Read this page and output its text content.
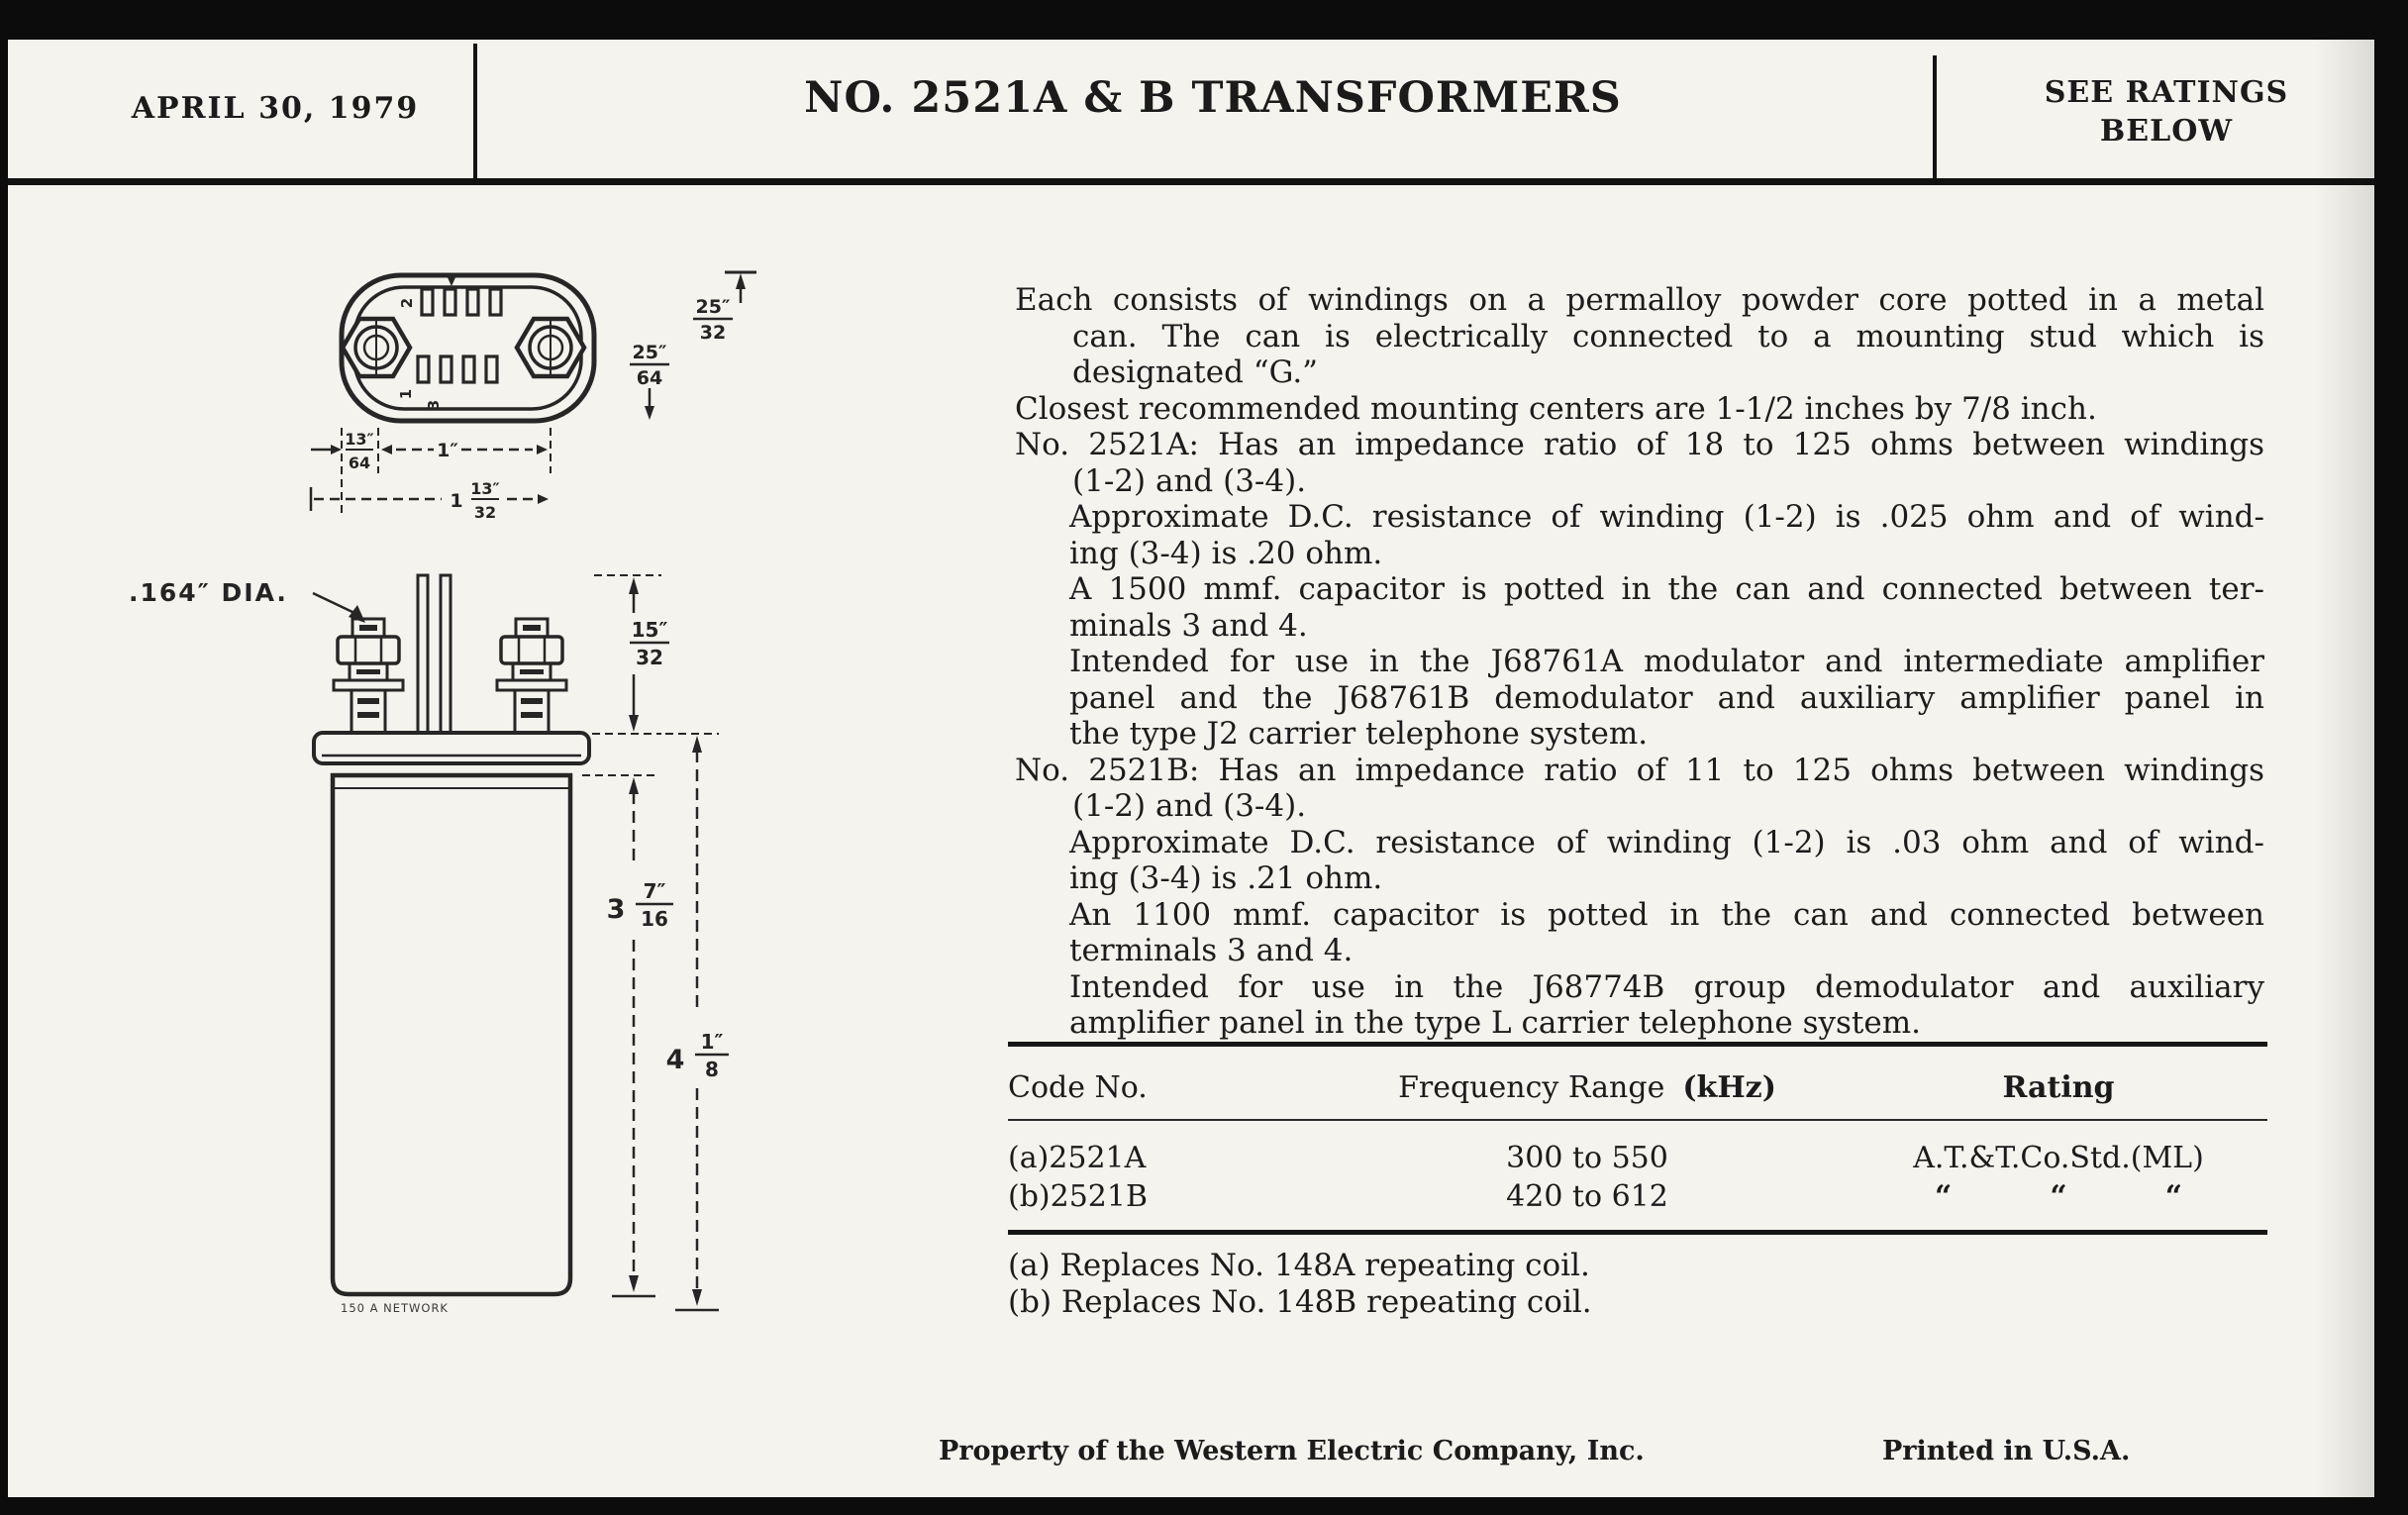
APRIL 30, 1979	NO. 2521A & B TRANSFORMERS	SEE RATINGS
BELOW
2
1
3
25″
32
25″
64
13″
64
1″
1
13″
32
.164″ DIA.
150 A NETWORK
15″
32
3
7″
16
4
1″
8

Each consists of windings on a permalloy powder core potted in a metal
can. The can is electrically connected to a mounting stud which is
designated “G.”

Closest recommended mounting centers are 1-1/2 inches by 7/8 inch.

No. 2521A: Has an impedance ratio of 18 to 125 ohms between windings
(1-2) and (3-4).

Approximate D.C. resistance of winding (1-2) is .025 ohm and of wind-
ing (3-4) is .20 ohm.

A 1500 mmf. capacitor is potted in the can and connected between ter-
minals 3 and 4.

Intended for use in the J68761A modulator and intermediate amplifier
panel and the J68761B demodulator and auxiliary amplifier panel in
the type J2 carrier telephone system.

No. 2521B: Has an impedance ratio of 11 to 125 ohms between windings
(1-2) and (3-4).

Approximate D.C. resistance of winding (1-2) is .03 ohm and of wind-
ing (3-4) is .21 ohm.

An 1100 mmf. capacitor is potted in the can and connected between
terminals 3 and 4.

Intended for use in the J68774B group demodulator and auxiliary
amplifier panel in the type L carrier telephone system.

Code No.	Frequency Range (kHz)	Rating
(a)2521A	300 to 550	A.T.&T.Co.Std.(ML)
(b)2521B	420 to 612	“	“	“
(a) Replaces No. 148A repeating coil.
(b) Replaces No. 148B repeating coil.
Property of the Western Electric Company, Inc.	Printed in U.S.A.
